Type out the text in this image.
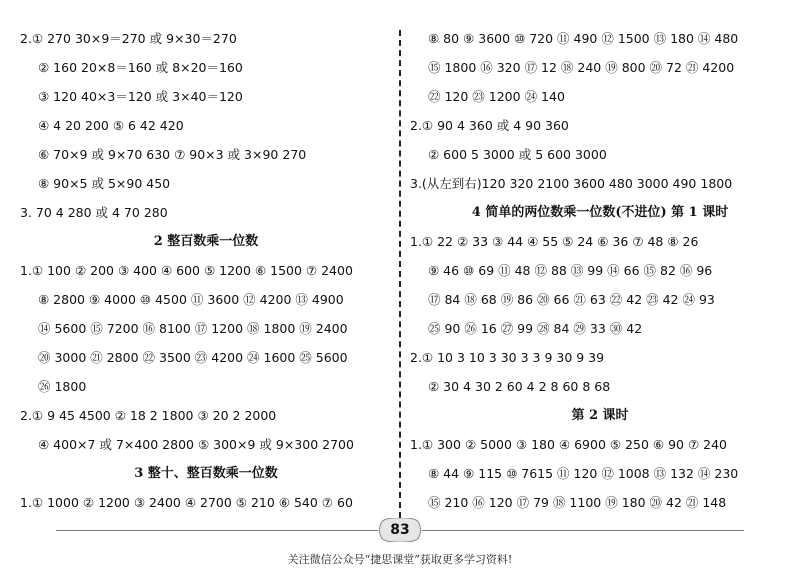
2.① 270 30×9＝270 或 9×30＝270
② 160 20×8＝160 或 8×20＝160
③ 120 40×3＝120 或 3×40＝120
④ 4 20 200 ⑤ 6 42 420
⑥ 70×9 或 9×70 630 ⑦ 90×3 或 3×90 270
⑧ 90×5 或 5×90 450
3. 70 4 280 或 4 70 280
2 整百数乘一位数
1.① 100 ② 200 ③ 400 ④ 600 ⑤ 1200 ⑥ 1500 ⑦ 2400
⑧ 2800 ⑨ 4000 ⑩ 4500 ⑪ 3600 ⑫ 4200 ⑬ 4900
⑭ 5600 ⑮ 7200 ⑯ 8100 ⑰ 1200 ⑱ 1800 ⑲ 2400
⑳ 3000 ㉑ 2800 ㉒ 3500 ㉓ 4200 ㉔ 1600 ㉕ 5600
㉖ 1800
2.① 9 45 4500 ② 18 2 1800 ③ 20 2 2000
④ 400×7 或 7×400 2800 ⑤ 300×9 或 9×300 2700
3 整十、整百数乘一位数
1.① 1000 ② 1200 ③ 2400 ④ 2700 ⑤ 210 ⑥ 540 ⑦ 60
⑧ 80 ⑨ 3600 ⑩ 720 ⑪ 490 ⑫ 1500 ⑬ 180 ⑭ 480
⑮ 1800 ⑯ 320 ⑰ 12 ⑱ 240 ⑲ 800 ⑳ 72 ㉑ 4200
㉒ 120 ㉓ 1200 ㉔ 140
2.① 90 4 360 或 4 90 360
② 600 5 3000 或 5 600 3000
3.(从左到右)120 320 2100 3600 480 3000 490 1800
4 简单的两位数乘一位数(不进位) 第 1 课时
1.① 22 ② 33 ③ 44 ④ 55 ⑤ 24 ⑥ 36 ⑦ 48 ⑧ 26
⑨ 46 ⑩ 69 ⑪ 48 ⑫ 88 ⑬ 99 ⑭ 66 ⑮ 82 ⑯ 96
⑰ 84 ⑱ 68 ⑲ 86 ⑳ 66 ㉑ 63 ㉒ 42 ㉓ 42 ㉔ 93
㉕ 90 ㉖ 16 ㉗ 99 ㉘ 84 ㉙ 33 ㉚ 42
2.① 10 3 10 3 30 3 3 9 30 9 39
② 30 4 30 2 60 4 2 8 60 8 68
第 2 课时
1.① 300 ② 5000 ③ 180 ④ 6900 ⑤ 250 ⑥ 90 ⑦ 240
⑧ 44 ⑨ 115 ⑩ 7615 ⑪ 120 ⑫ 1008 ⑬ 132 ⑭ 230
⑮ 210 ⑯ 120 ⑰ 79 ⑱ 1100 ⑲ 180 ⑳ 42 ㉑ 148
83
关注微信公众号“捷思课堂”获取更多学习资料!
